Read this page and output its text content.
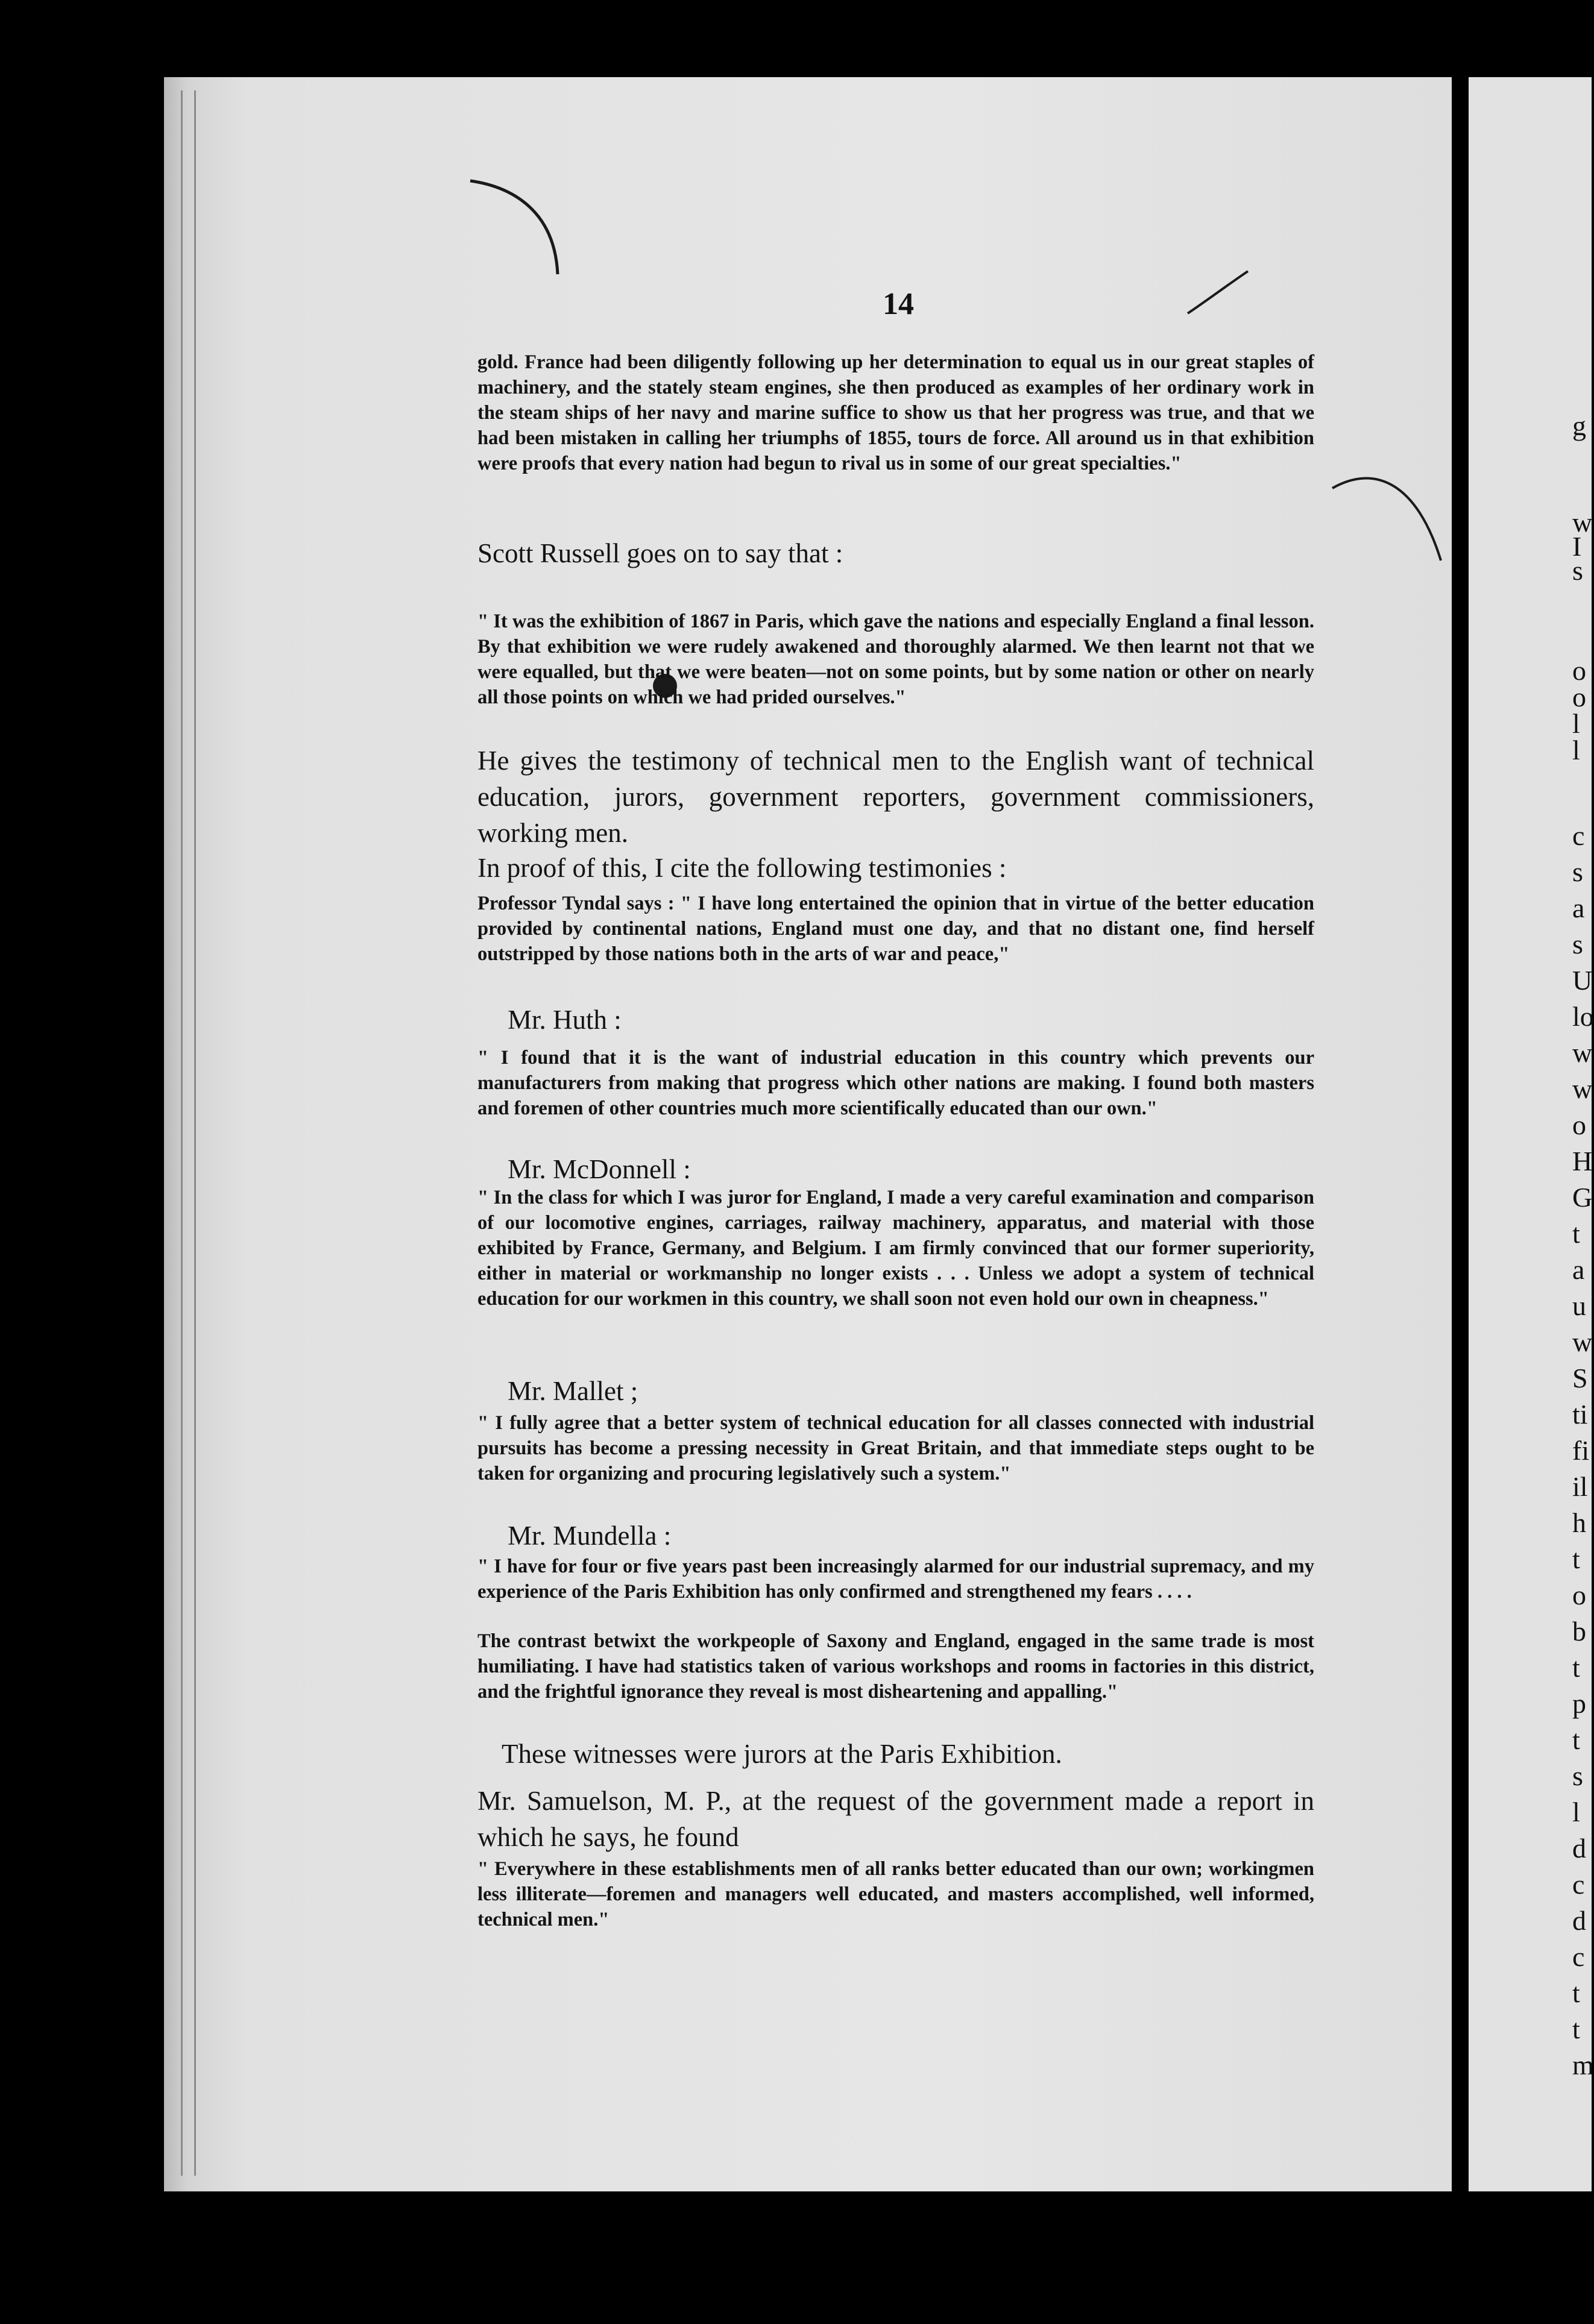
14
gold. France had been diligently following up her determination to equal us in our great staples of machinery, and the stately steam engines, she then produced as examples of her ordinary work in the steam ships of her navy and marine suffice to show us that her progress was true, and that we had been mistaken in calling her triumphs of 1855, tours de force. All around us in that exhibition were proofs that every nation had begun to rival us in some of our great specialties."
Scott Russell goes on to say that :
" It was the exhibition of 1867 in Paris, which gave the nations and especially England a final lesson. By that exhibition we were rudely awakened and thoroughly alarmed. We then learnt not that we were equalled, but that we were beaten—not on some points, but by some nation or other on nearly all those points on which we had prided ourselves."
He gives the testimony of technical men to the English want of technical education, jurors, government reporters, government commissioners, working men.
In proof of this, I cite the following testimonies :
Professor Tyndal says : " I have long entertained the opinion that in virtue of the better education provided by continental nations, England must one day, and that no distant one, find herself outstripped by those nations both in the arts of war and peace,"
Mr. Huth :
" I found that it is the want of industrial education in this country which prevents our manufacturers from making that progress which other nations are making. I found both masters and foremen of other countries much more scientifically educated than our own."
Mr. McDonnell :
" In the class for which I was juror for England, I made a very careful examination and comparison of our locomotive engines, carriages, railway machinery, apparatus, and material with those exhibited by France, Germany, and Belgium. I am firmly convinced that our former superiority, either in material or workmanship no longer exists . . . Unless we adopt a system of technical education for our workmen in this country, we shall soon not even hold our own in cheapness."
Mr. Mallet ;
" I fully agree that a better system of technical education for all classes connected with industrial pursuits has become a pressing necessity in Great Britain, and that immediate steps ought to be taken for organizing and procuring legislatively such a system."
Mr. Mundella :
" I have for four or five years past been increasingly alarmed for our industrial supremacy, and my experience of the Paris Exhibition has only confirmed and strengthened my fears . . . .
The contrast betwixt the workpeople of Saxony and England, engaged in the same trade is most humiliating. I have had statistics taken of various workshops and rooms in factories in this district, and the frightful ignorance they reveal is most disheartening and appalling."
These witnesses were jurors at the Paris Exhibition.
Mr. Samuelson, M. P., at the request of the government made a report in which he says, he found
" Everywhere in these establishments men of all ranks better educated than our own; workingmen less illiterate—foremen and managers well educated, and masters accomplished, well informed, technical men."
g
w
I
s
o
o
l
l
c
s
a
s
U
lo
w
w
o
H
G
t
a
u
w
S
ti
fi
il
h
t
o
b
t
p
t
s
l
d
c
d
c
t
t
m
